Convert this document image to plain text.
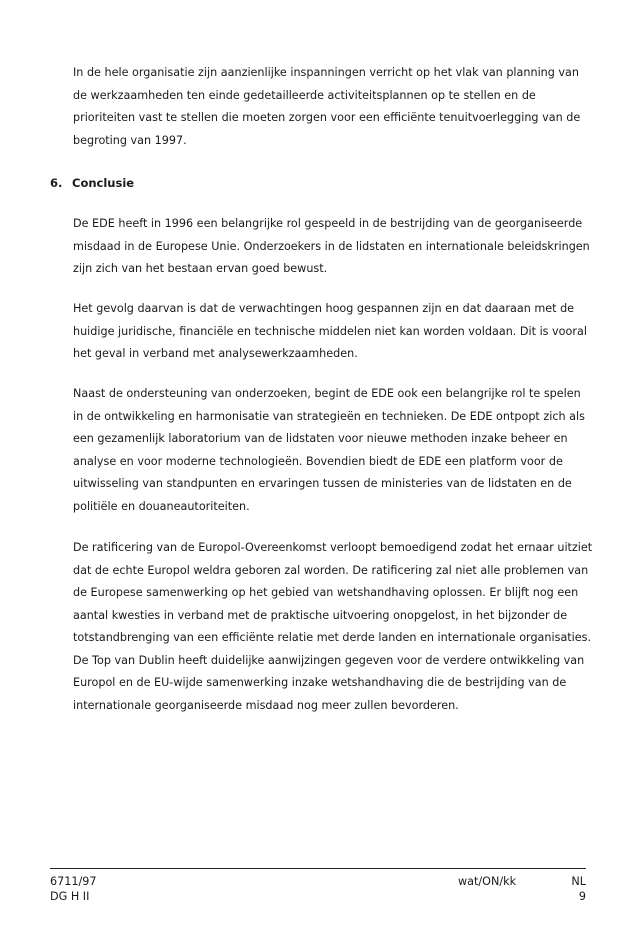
In de hele organisatie zijn aanzienlijke inspanningen verricht op het vlak van planning van de werkzaamheden ten einde gedetailleerde activiteitsplannen op te stellen en de prioriteiten vast te stellen die moeten zorgen voor een efficiënte tenuitvoerlegging van de begroting van 1997.

6. Conclusie

De EDE heeft in 1996 een belangrijke rol gespeeld in de bestrijding van de georganiseerde misdaad in de Europese Unie. Onderzoekers in de lidstaten en internationale beleidskringen zijn zich van het bestaan ervan goed bewust.

Het gevolg daarvan is dat de verwachtingen hoog gespannen zijn en dat daaraan met de huidige juridische, financiële en technische middelen niet kan worden voldaan. Dit is vooral het geval in verband met analysewerkzaamheden.

Naast de ondersteuning van onderzoeken, begint de EDE ook een belangrijke rol te spelen in de ontwikkeling en harmonisatie van strategieën en technieken. De EDE ontpopt zich als een gezamenlijk laboratorium van de lidstaten voor nieuwe methoden inzake beheer en analyse en voor moderne technologieën. Bovendien biedt de EDE een platform voor de uitwisseling van standpunten en ervaringen tussen de ministeries van de lidstaten en de politiële en douaneautoriteiten.

De ratificering van de Europol-Overeenkomst verloopt bemoedigend zodat het ernaar uitziet dat de echte Europol weldra geboren zal worden. De ratificering zal niet alle problemen van de Europese samenwerking op het gebied van wetshandhaving oplossen. Er blijft nog een aantal kwesties in verband met de praktische uitvoering onopgelost, in het bijzonder de totstandbrenging van een efficiënte relatie met derde landen en internationale organisaties. De Top van Dublin heeft duidelijke aanwijzingen gegeven voor de verdere ontwikkeling van Europol en de EU-wijde samenwerking inzake wetshandhaving die de bestrijding van de internationale georganiseerde misdaad nog meer zullen bevorderen.

6711/97
DG H II
wat/ON/kk	NL
9
